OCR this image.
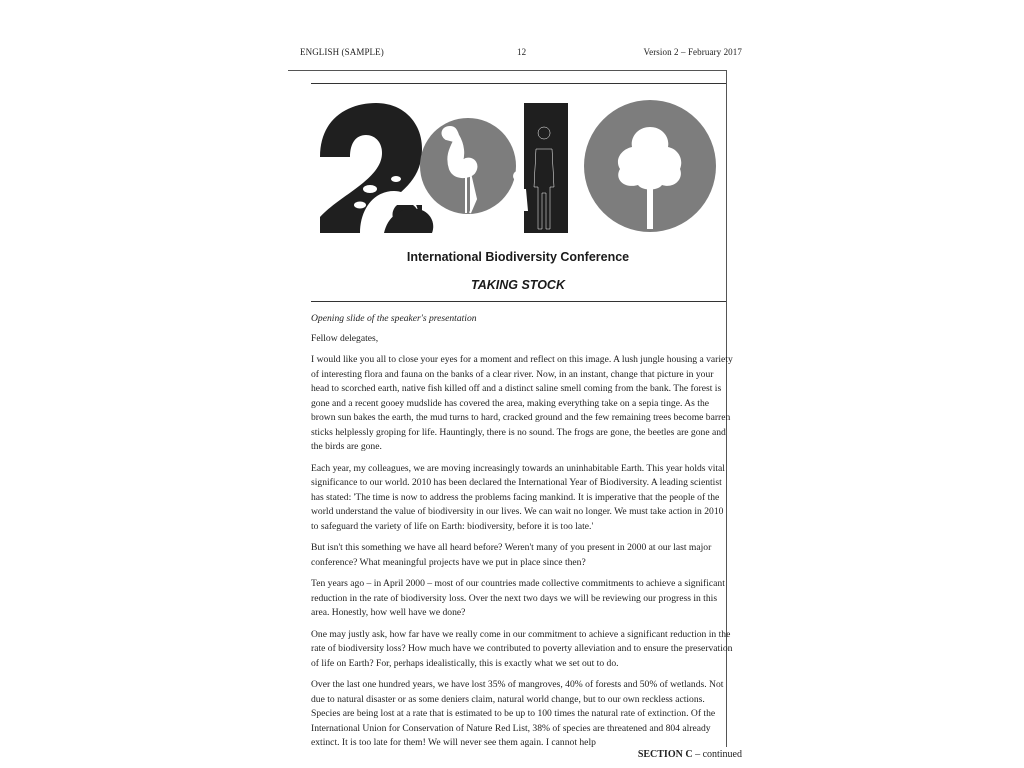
ENGLISH (SAMPLE)	12	Version 2 – February 2017
International Biodiversity Conference
TAKING STOCK

Opening slide of the speaker's presentation

Fellow delegates,

I would like you all to close your eyes for a moment and reflect on this image. A lush jungle housing a variety of interesting flora and fauna on the banks of a clear river. Now, in an instant, change that picture in your head to scorched earth, native fish killed off and a distinct saline smell coming from the bank. The forest is gone and a recent gooey mudslide has covered the area, making everything take on a sepia tinge. As the brown sun bakes the earth, the mud turns to hard, cracked ground and the few remaining trees become barren sticks helplessly groping for life. Hauntingly, there is no sound. The frogs are gone, the beetles are gone and the birds are gone.

Each year, my colleagues, we are moving increasingly towards an uninhabitable Earth. This year holds vital significance to our world. 2010 has been declared the International Year of Biodiversity. A leading scientist has stated: 'The time is now to address the problems facing mankind. It is imperative that the people of the world understand the value of biodiversity in our lives. We can wait no longer. We must take action in 2010 to safeguard the variety of life on Earth: biodiversity, before it is too late.'

But isn't this something we have all heard before? Weren't many of you present in 2000 at our last major conference? What meaningful projects have we put in place since then?

Ten years ago – in April 2000 – most of our countries made collective commitments to achieve a significant reduction in the rate of biodiversity loss. Over the next two days we will be reviewing our progress in this area. Honestly, how well have we done?

One may justly ask, how far have we really come in our commitment to achieve a significant reduction in the rate of biodiversity loss? How much have we contributed to poverty alleviation and to ensure the preservation of life on Earth? For, perhaps idealistically, this is exactly what we set out to do.

Over the last one hundred years, we have lost 35% of mangroves, 40% of forests and 50% of wetlands. Not due to natural disaster or as some deniers claim, natural world change, but to our own reckless actions. Species are being lost at a rate that is estimated to be up to 100 times the natural rate of extinction. Of the International Union for Conservation of Nature Red List, 38% of species are threatened and 804 already extinct. It is too late for them! We will never see them again. I cannot help

SECTION C – continued
